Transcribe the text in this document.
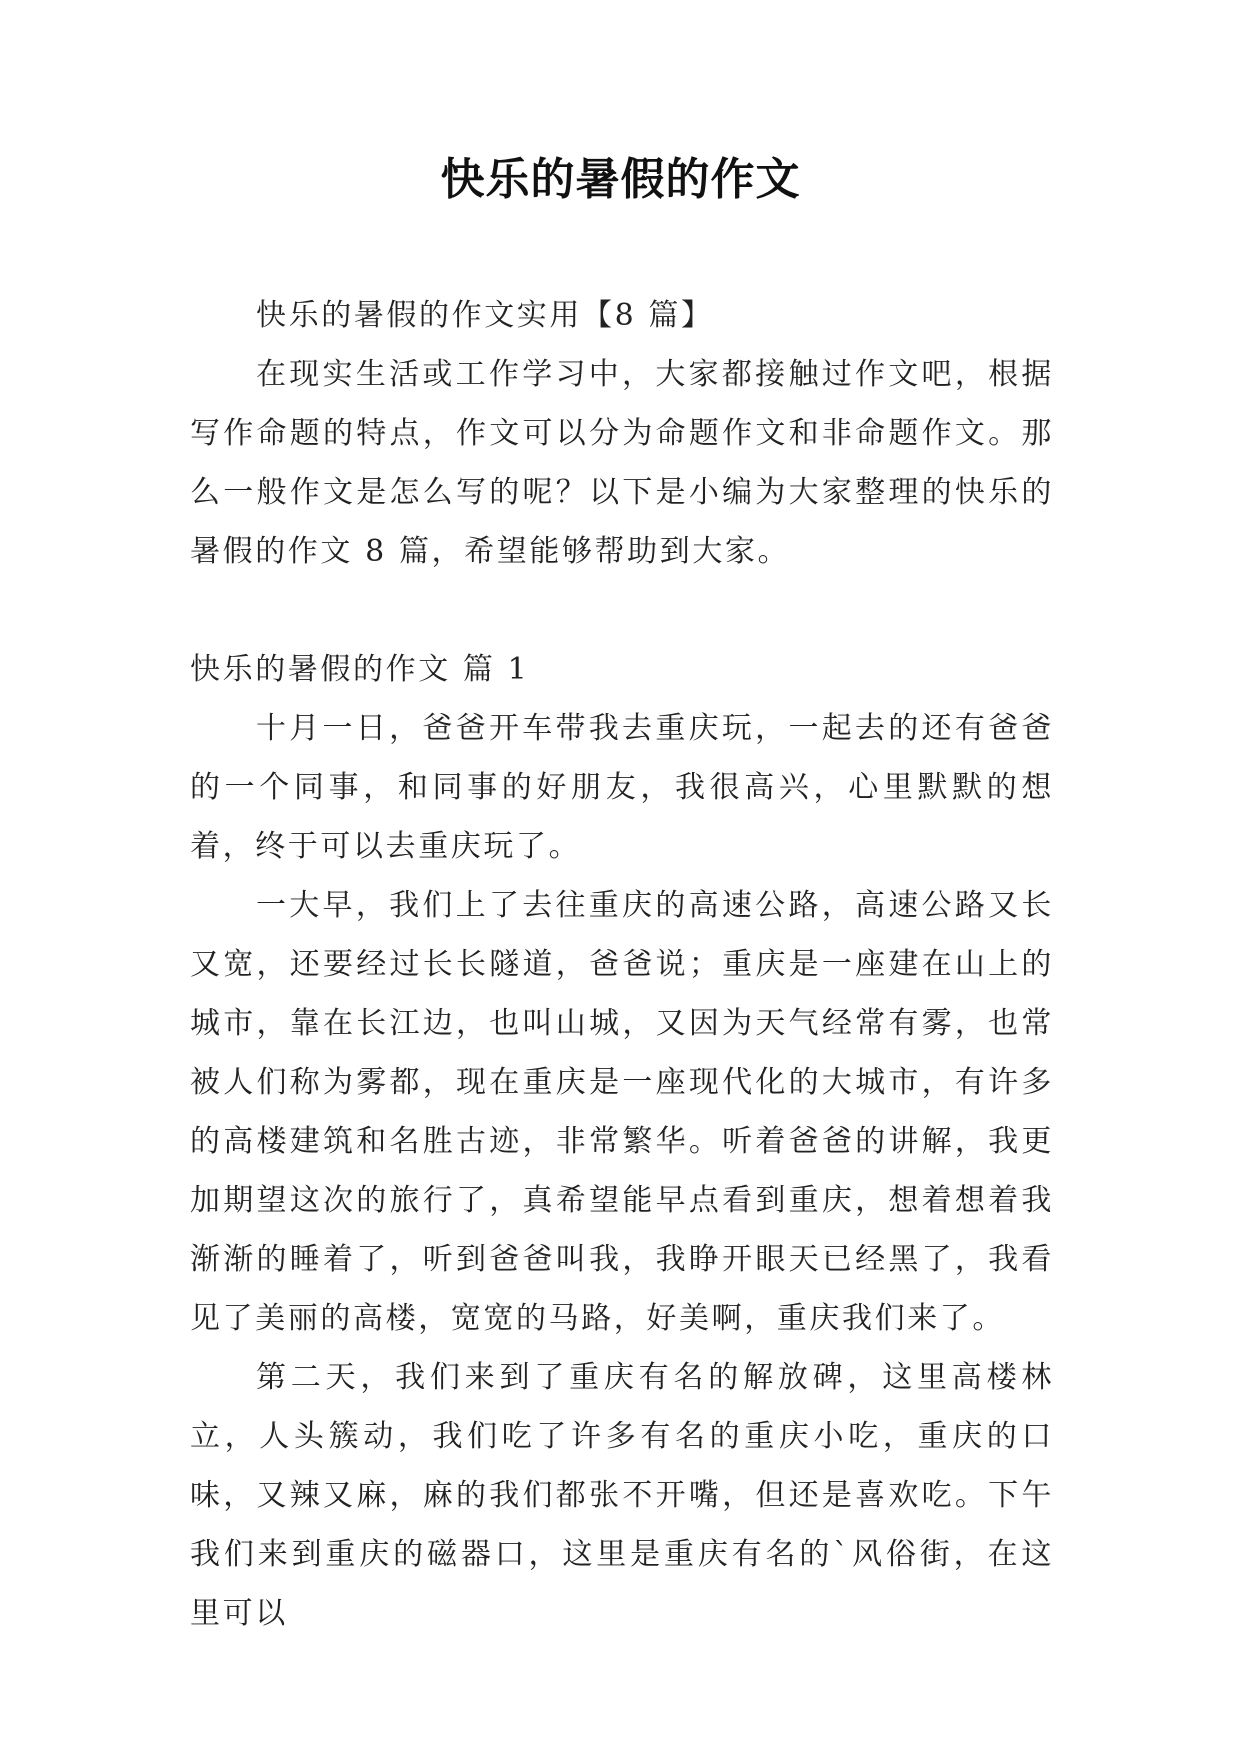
快乐的暑假的作文

快乐的暑假的作文实用【8 篇】

在现实生活或工作学习中，大家都接触过作文吧，根据写作命题的特点，作文可以分为命题作文和非命题作文。那么一般作文是怎么写的呢？以下是小编为大家整理的快乐的暑假的作文 8 篇，希望能够帮助到大家。

快乐的暑假的作文 篇 1

十月一日，爸爸开车带我去重庆玩，一起去的还有爸爸的一个同事，和同事的好朋友，我很高兴，心里默默的想着，终于可以去重庆玩了。

一大早，我们上了去往重庆的高速公路，高速公路又长又宽，还要经过长长隧道，爸爸说；重庆是一座建在山上的城市，靠在长江边，也叫山城，又因为天气经常有雾，也常被人们称为雾都，现在重庆是一座现代化的大城市，有许多的高楼建筑和名胜古迹，非常繁华。听着爸爸的讲解，我更加期望这次的旅行了，真希望能早点看到重庆，想着想着我渐渐的睡着了，听到爸爸叫我，我睁开眼天已经黑了，我看见了美丽的高楼，宽宽的马路，好美啊，重庆我们来了。

第二天，我们来到了重庆有名的解放碑，这里高楼林立，人头簇动，我们吃了许多有名的重庆小吃，重庆的口味，又辣又麻，麻的我们都张不开嘴，但还是喜欢吃。下午我们来到重庆的磁器口，这里是重庆有名的`风俗街，在这里可以
